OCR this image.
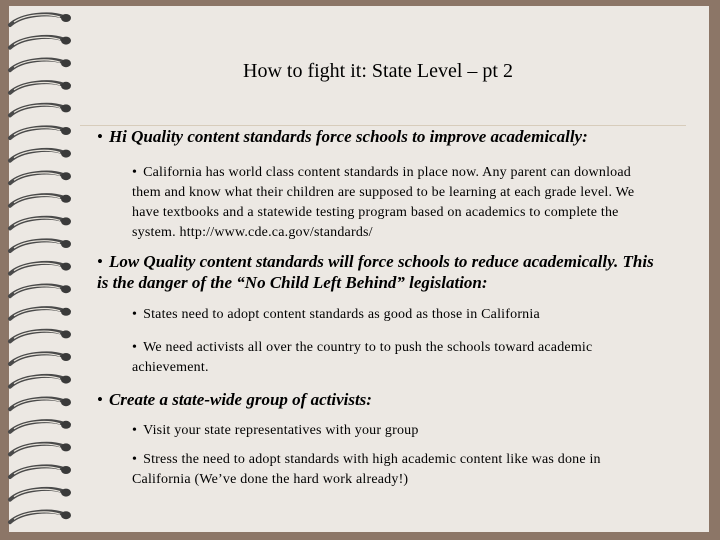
How to fight it: State Level – pt 2
• Hi Quality content standards force schools to improve academically:
• California has world class content standards in place now. Any parent can download them and know what their children are supposed to be learning at each grade level. We have textbooks and a statewide testing program based on academics to complete the system. http://www.cde.ca.gov/standards/
• Low Quality content standards will force schools to reduce academically. This is the danger of the “No Child Left Behind” legislation:
• States need to adopt content standards as good as those in California
• We need activists all over the country to to push the schools toward academic achievement.
• Create a state-wide group of activists:
• Visit your state representatives with your group
• Stress the need to adopt standards with high academic content like was done in California (We’ve done the hard work already!)
